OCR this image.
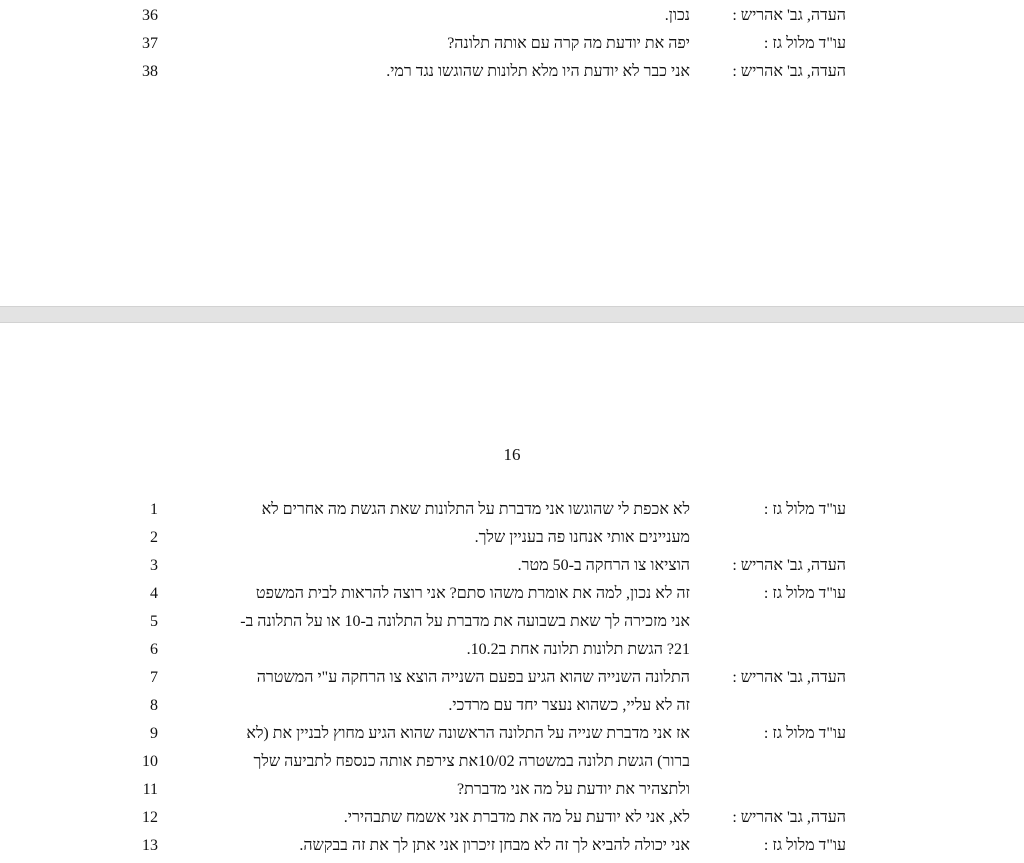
36	נכון.	העדה, גב' אהריש :
37	יפה את יודעת מה קרה עם אותה תלונה?	עו"ד מלול גז :
38	אני כבר לא יודעת היו מלא תלונות שהוגשו נגד רמי.	העדה, גב' אהריש :
16
1	לא אכפת לי שהוגשו אני מדברת על התלונות שאת הגשת מה אחרים לא	עו"ד מלול גז :
2	מעניינים אותי אנחנו פה בעניין שלך.
3	הוציאו צו הרחקה ב-50 מטר.	העדה, גב' אהריש :
4	זה לא נכון, למה את אומרת משהו סתם? אני רוצה להראות לבית המשפט	עו"ד מלול גז :
5	אני מזכירה לך שאת בשבועה את מדברת על התלונה ב-10 או על התלונה ב-
6	21? הגשת תלונות תלונה אחת ב10.2.
7	התלונה השנייה שהוא הגיע בפעם השנייה הוצא צו הרחקה ע"י המשטרה	העדה, גב' אהריש :
8	זה לא עליי, כשהוא נעצר יחד עם מרדכי.
9	אז אני מדברת שנייה על התלונה הראשונה שהוא הגיע מחוץ לבניין את (לא	עו"ד מלול גז :
10	ברור) הגשת תלונה במשטרה 10/02את צירפת אותה כנספח לתביעה שלך
11	ולתצהיר את יודעת על מה אני מדברת?
12	לא, אני לא יודעת על מה את מדברת אני אשמח שתבהירי.	העדה, גב' אהריש :
13	אני יכולה להביא לך זה לא מבחן זיכרון אני אתן לך את זה בבקשה.	עו"ד מלול גז :
